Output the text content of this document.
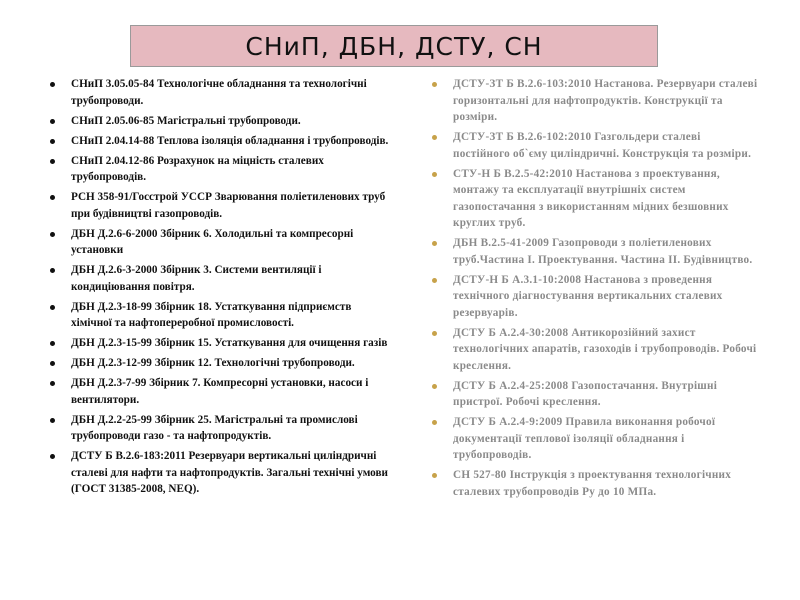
СНиП, ДБН, ДСТУ, СН
СНиП 3.05.05-84 Технологічне обладнання та технологічні трубопроводи.
СНиП 2.05.06-85 Магістральні трубопроводи.
СНиП 2.04.14-88 Теплова ізоляція обладнання і трубопроводів.
СНиП 2.04.12-86 Розрахунок на міцність сталевих трубопроводів.
РСН 358-91/Госстрой УССР Зварювання поліетиленових труб при будівництві газопроводів.
ДБН Д.2.6-6-2000 Збірник 6. Холодильні та компресорні установки
ДБН Д.2.6-3-2000 Збірник 3. Системи вентиляції і кондиціювання повітря.
ДБН Д.2.3-18-99 Збірник 18. Устаткування підприємств хімічної та нафтопереробної промисловості.
ДБН Д.2.3-15-99 Збірник 15. Устаткування для очищення газів
ДБН Д.2.3-12-99 Збірник 12. Технологічні трубопроводи.
ДБН Д.2.3-7-99 Збірник 7. Компресорні установки, насоси і вентилятори.
ДБН Д.2.2-25-99 Збірник 25. Магістральні та промислові трубопроводи газо - та нафтопродуктів.
ДСТУ Б В.2.6-183:2011 Резервуари вертикальні циліндричні сталеві для нафти та нафтопродуктів. Загальні технічні умови (ГОСТ 31385-2008, NEQ).
ДСТУ-ЗТ Б В.2.6-103:2010 Настанова. Резервуари сталеві горизонтальні для нафтопродуктів. Конструкції та розміри.
ДСТУ-ЗТ Б В.2.6-102:2010 Газгольдери сталеві постійного об`єму циліндричні. Конструкція та розміри.
СТУ-Н Б В.2.5-42:2010 Настанова з проектування, монтажу та експлуатації внутрішніх систем газопостачання з використанням мідних безшовних круглих труб.
ДБН В.2.5-41-2009 Газопроводи з поліетиленових труб.Частина I. Проектування. Частина II. Будівництво.
ДСТУ-Н Б А.3.1-10:2008 Настанова з проведення технічного діагностування вертикальних сталевих резервуарів.
ДСТУ Б А.2.4-30:2008 Антикорозійний захист технологічних апаратів, газоходів і трубопроводів. Робочі креслення.
ДСТУ Б А.2.4-25:2008 Газопостачання. Внутрішні пристрої. Робочі креслення.
ДСТУ Б А.2.4-9:2009 Правила виконання робочої документації теплової ізоляції обладнання і трубопроводів.
СН 527-80 Інструкція з проектування технологічних сталевих трубопроводів Ру до 10 МПа.
